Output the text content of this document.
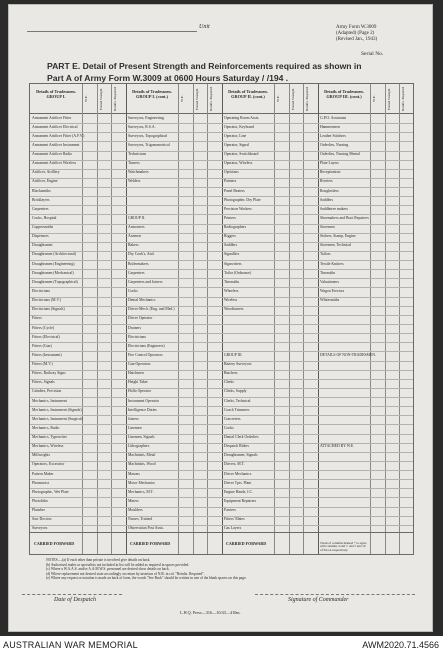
Unit	Army Form W.3009
(Adapted) (Page 2)
(Revised Jan., 1943)
Serial No.
PART E. Detail of Present Strength and Reinforcements required as shown in
Part A of Army Form W.3009 at 0600 Hours Saturday / /194 .
Details of Tradesmen. GROUP I.	W.E.	Posted Strength	Reinfts. Required
Armament Artificer Fitter
Armament Artificer Electrical
Armament Artificer Fitter (A.F.V.)
Armament Artificer Instrument
Armament Artificer Radio
Armament Artificer Wireless
Artificer, Artillery
Artificer, Engine
Blacksmiths
Bricklayers
Carpenters
Cooks, Hospital
Coppersmiths
Dispensers
Draughtsmen
Draughtsmen (Architectural)
Draughtsmen (Engineering)
Draughtsmen (Mechanical)
Draughtsmen (Topographical)
Electricians
Electricians (M.V.)
Electricians (Signals)
Fitters
Fitters (Cycle)
Fitters (Electrical)
Fitters (Gun)
Fitters (Instrument)
Fitters (M.V.)
Fitters, Railway Signs
Fitters, Signals
Grinders, Precision
Mechanics, Instrument
Mechanics, Instrument (Signals)
Mechanics, Instrument (Surgical)
Mechanics, Radio
Mechanics, Typewriter
Mechanics, Wireless
Millwrights
Operators, Excavator
Pattern Maker
Pharmacist
Photographic, Wet Plate
Photolitho
Plumber
Saw Doctors
Surveyors
Details of Tradesmen. GROUP I. (cont.)	W.E.	Posted Strength	Reinfts. Required
Surveyors, Engineering
Surveyors, R.S.A.
Surveyors, Topographical
Surveyors, Trigonometrical
Technicians
Turners
Watchmakers
Welders
GROUP II.
Armourers
Axemen
Bakers
Dry Cook's, And.
Boilermakers
Carpenters
Carpenters and Joiners
Cooks
Dental Mechanics
Driver-Mech. (Eng. and Med.)
Driver Operator
Drainers
Electricians
Electricians (Engineers)
Fire Control Operators
Gun Operators
Hatchmen
Height Taker
Hollo Operator
Instrument Operator
Intelligence Duties
Joiners
Linemen
Linemen, Signals
Lithographers
Machinists, Metal
Machinists, Wood
Masons
Motor Mechanics
Mechanics, M.T.
Miners
Moulders
Nurses, Trained
Observation Post Assts.
Details of Tradesmen. GROUP II. (cont.)	W.E.	Posted Strength	Reinfts. Required
Operating Room Assts.
Operator, Keyboard
Operator, Line
Operator, Signal
Operator, Switchboard
Operator, Wireless
Opticians
Painters
Panel Beaters
Photographer, Dry Plate
Precision Workers
Printers
Radiographers
Riggers
Saddlers
Signallers
Signwriters
Tailor (Ordnance)
Tinsmiths
Wheelers
Wireless
Woodturners
GROUP III.
Battery Surveyors
Butchers
Clerks
Clerks, Supply
Clerks, Technical
Coach Trimmers
Concreters
Cooks
Dental Clerk Orderlies
Despatch Riders
Draughtsmen, Signals
Drivers, M.T.
Driver Mechanics
Driver Tpts. Plant
Engine Hands, I.C.
Equipment Repairers
Farriers
Fitters' Mates
Gas Layers
Details of Tradesmen. GROUP III. (cont.)	W.E.	Posted Strength	Reinfts. Required
G.P.O. Assistants
Hammermen
Leather Stitchers
Orderlies, Nursing
Orderlies, Nursing Mental
Plate Layers
Receptionists
Riveters
Roughriders
Saddlers
Saddletree makers
Shoemakers and Boot Repairers
Storemen
Stokers, Stamp, Engine
Storemen, Technical
Tailors
Textile Knitters
Tinsmiths
Valuationers
Wagon Erectors
Whitesmiths
DETAILS OF NON-TRADESMEN.
ATTACHED BY W.E.
CARRIED FORWARD	CARRIED FORWARD	CARRIED FORWARD	Totals of columns marked * to agree with columns 4 and 7, and 5 and 10 of Part A respectively.
NOTES.—(a) If each other than private is involved give details on back.
(b) Authorised trades or specialists not included in list will be added as required in spaces provided.
(c) Where a W.A.A.S. and/or A.A.M.W.S. personnel are desired show details on back.
(d) Where replacement not desired state accordingly on return by insertion of N.R. in col. "Reinfts. Required".
(e) Where any request or notation is made on back of form, the words "See Back" should be written in one of the blank spaces on this page.
Date of Despatch	Signature of Commander
L.H.Q. Press—316—10/43—410m.
AUSTRALIAN WAR MEMORIAL	AWM2020.71.4566
